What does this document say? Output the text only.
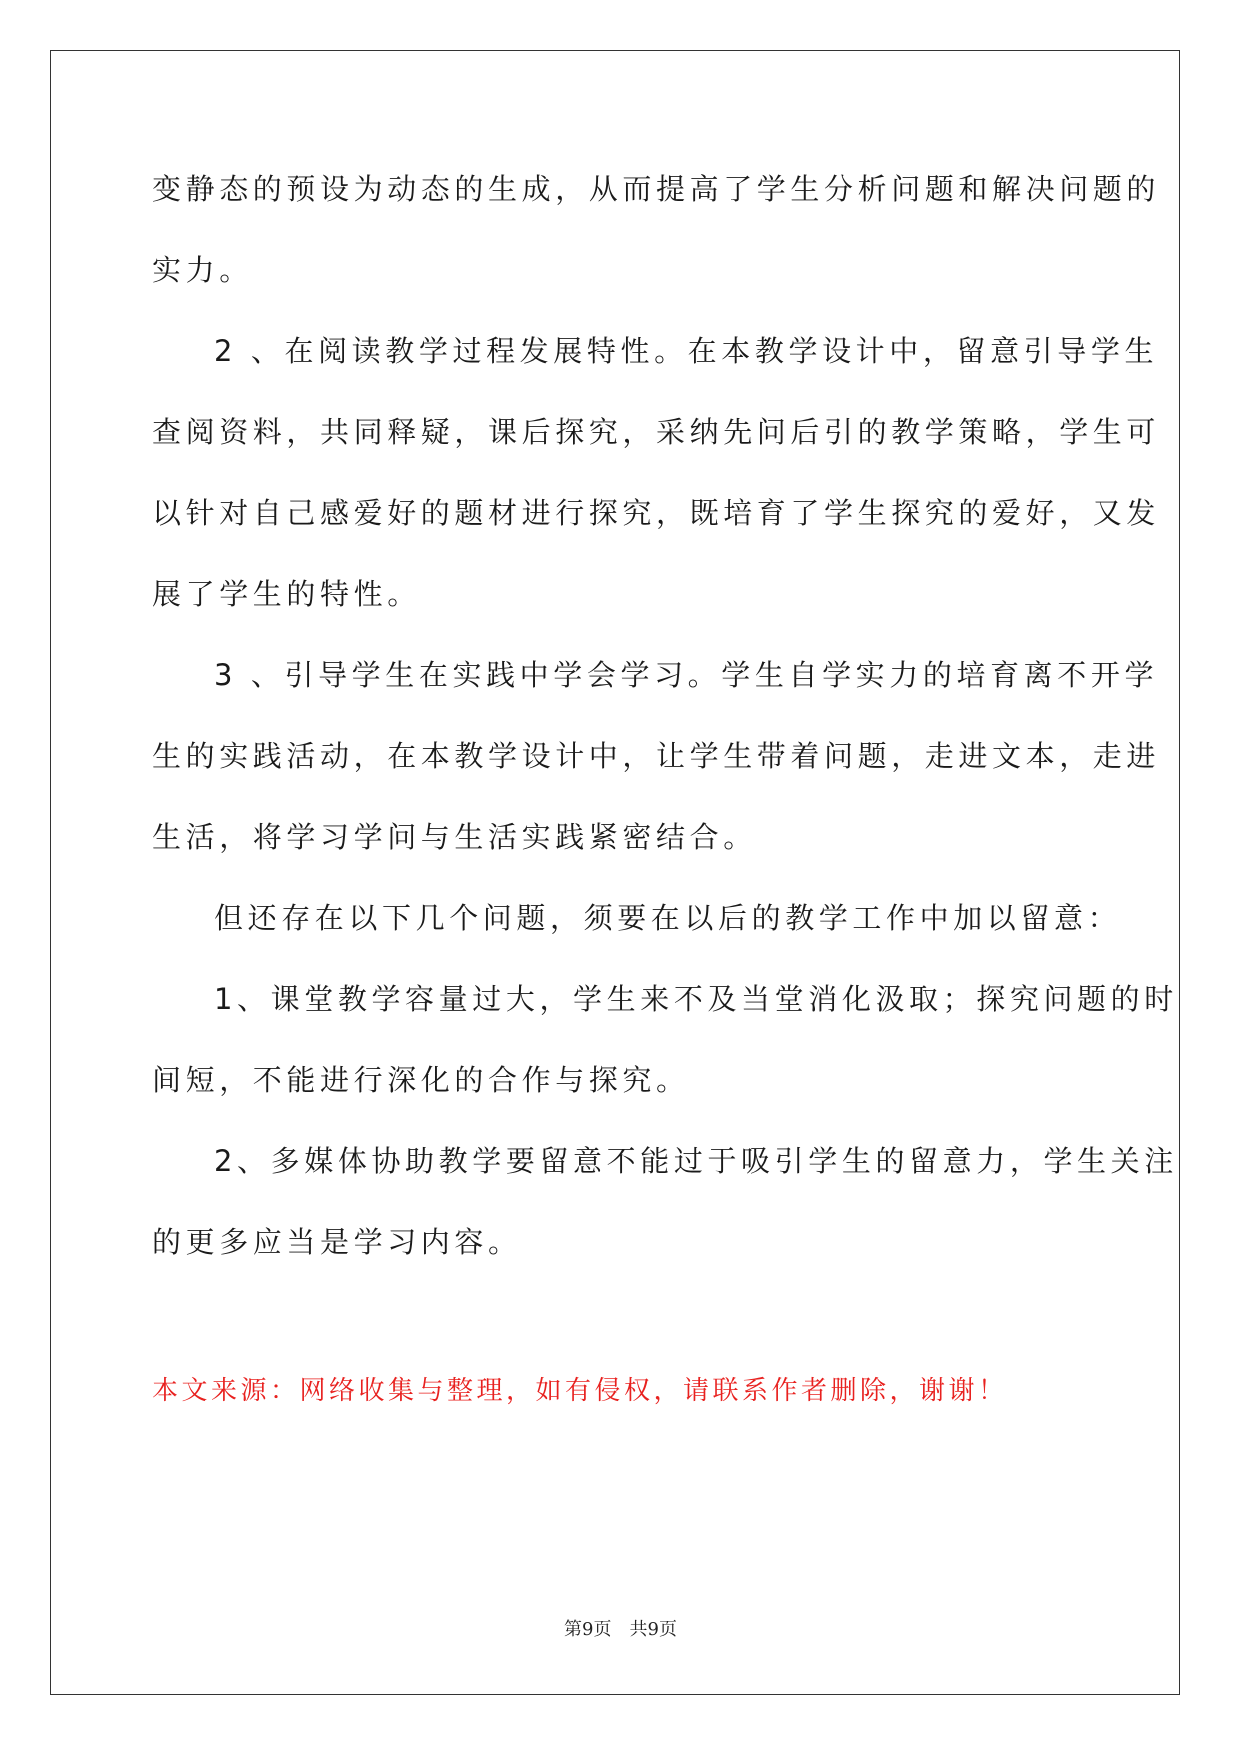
变静态的预设为动态的生成，从而提高了学生分析问题和解决问题的

实力。

2 、在阅读教学过程发展特性。在本教学设计中，留意引导学生

查阅资料，共同释疑，课后探究，采纳先问后引的教学策略，学生可

以针对自己感爱好的题材进行探究，既培育了学生探究的爱好，又发

展了学生的特性。

3 、引导学生在实践中学会学习。学生自学实力的培育离不开学

生的实践活动，在本教学设计中，让学生带着问题，走进文本，走进

生活，将学习学问与生活实践紧密结合。

但还存在以下几个问题，须要在以后的教学工作中加以留意：

1、课堂教学容量过大，学生来不及当堂消化汲取；探究问题的时

间短，不能进行深化的合作与探究。

2、多媒体协助教学要留意不能过于吸引学生的留意力，学生关注

的更多应当是学习内容。

本文来源：网络收集与整理，如有侵权，请联系作者删除，谢谢！
第9页　共9页
